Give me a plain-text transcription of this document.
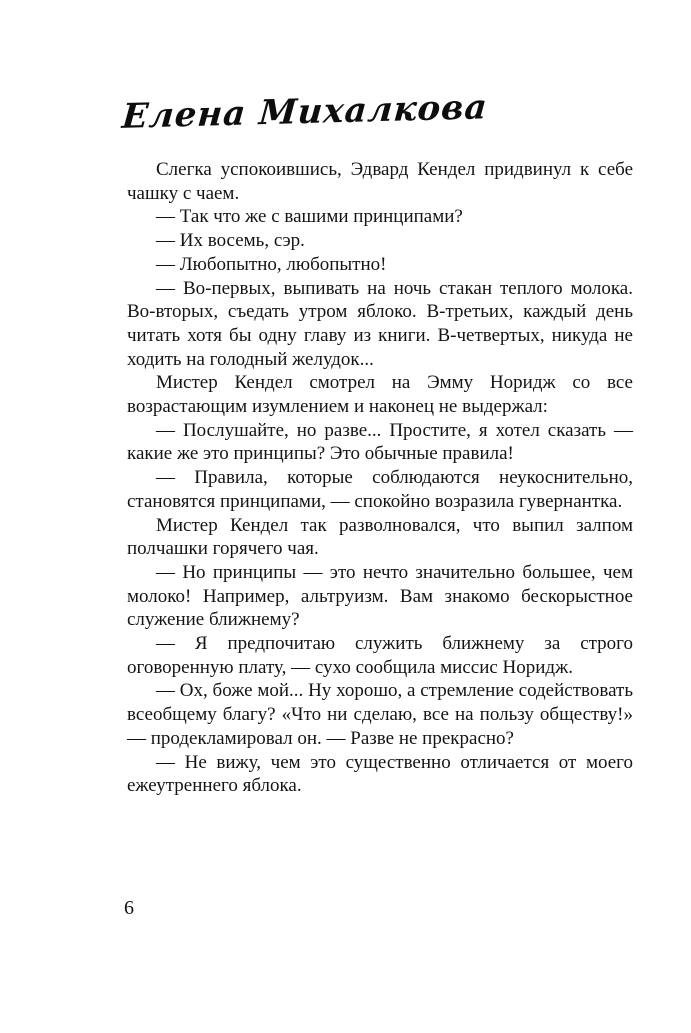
Елена Михалкова

Слегка успокоившись, Эдвард Кендел придвинул к себе чашку с чаем.

— Так что же с вашими принципами?

— Их восемь, сэр.

— Любопытно, любопытно!

— Во-первых, выпивать на ночь стакан теплого молока. Во-вторых, съедать утром яблоко. В-третьих, каждый день читать хотя бы одну главу из книги. В-четвертых, никуда не ходить на голодный желудок...

Мистер Кендел смотрел на Эмму Норидж со все возрастающим изумлением и наконец не выдержал:

— Послушайте, но разве... Простите, я хотел сказать — какие же это принципы? Это обычные правила!

— Правила, которые соблюдаются неукоснительно, становятся принципами, — спокойно возразила гувернантка.

Мистер Кендел так разволновался, что выпил залпом полчашки горячего чая.

— Но принципы — это нечто значительно большее, чем молоко! Например, альтруизм. Вам знакомо бескорыстное служение ближнему?

— Я предпочитаю служить ближнему за строго оговоренную плату, — сухо сообщила миссис Норидж.

— Ох, боже мой... Ну хорошо, а стремление содействовать всеобщему благу? «Что ни сделаю, все на пользу обществу!» — продекламировал он. — Разве не прекрасно?

— Не вижу, чем это существенно отличается от моего ежеутреннего яблока.

6
